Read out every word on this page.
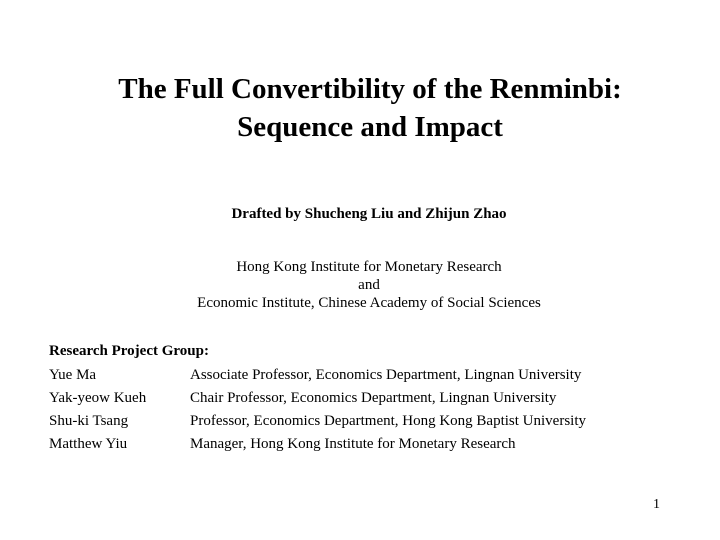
The Full Convertibility of the Renminbi:
Sequence and Impact
Drafted by Shucheng Liu and Zhijun Zhao
Hong Kong Institute for Monetary Research
and
Economic Institute, Chinese Academy of Social Sciences
Research Project Group:
Yue Ma	Associate Professor, Economics Department, Lingnan University
Yak-yeow Kueh	Chair Professor, Economics Department, Lingnan University
Shu-ki Tsang	Professor, Economics Department, Hong Kong Baptist University
Matthew Yiu	Manager, Hong Kong Institute for Monetary Research
1
